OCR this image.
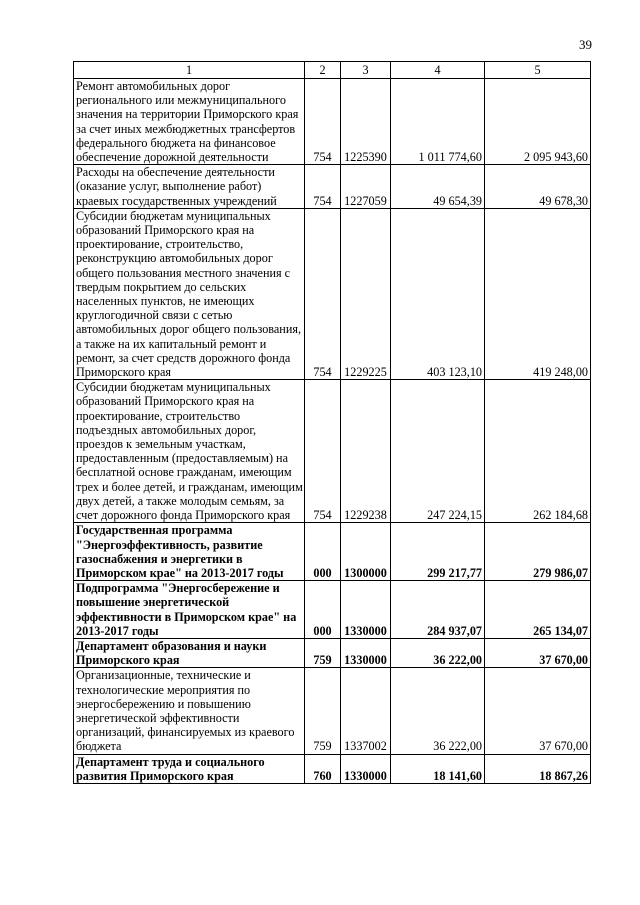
39
1	2	3	4	5
Ремонт автомобильных дорог регионального или межмуниципального значения на территории Приморского края за счет иных межбюджетных трансфертов федерального бюджета на финансовое обеспечение дорожной деятельности	754	1225390	1 011 774,60	2 095 943,60
Расходы на обеспечение деятельности (оказание услуг, выполнение работ) краевых государственных учреждений	754	1227059	49 654,39	49 678,30
Субсидии бюджетам муниципальных образований Приморского края на проектирование, строительство, реконструкцию автомобильных дорог общего пользования местного значения с твердым покрытием до сельских населенных пунктов, не имеющих круглогодичной связи с сетью автомобильных дорог общего пользования, а также на их капитальный ремонт и ремонт, за счет средств дорожного фонда Приморского края	754	1229225	403 123,10	419 248,00
Субсидии бюджетам муниципальных образований Приморского края на проектирование, строительство подъездных автомобильных дорог, проездов к земельным участкам, предоставленным (предоставляемым) на бесплатной основе гражданам, имеющим трех и более детей, и гражданам, имеющим двух детей, а также молодым семьям, за счет дорожного фонда Приморского края	754	1229238	247 224,15	262 184,68
Государственная программа "Энергоэффективность, развитие газоснабжения и энергетики в Приморском крае" на 2013-2017 годы	000	1300000	299 217,77	279 986,07
Подпрограмма "Энергосбережение и повышение энергетической эффективности в Приморском крае" на 2013-2017 годы	000	1330000	284 937,07	265 134,07
Департамент образования и науки Приморского края	759	1330000	36 222,00	37 670,00
Организационные, технические и технологические мероприятия по энергосбережению и повышению энергетической эффективности организаций, финансируемых из краевого бюджета	759	1337002	36 222,00	37 670,00
Департамент труда и социального развития Приморского края	760	1330000	18 141,60	18 867,26
